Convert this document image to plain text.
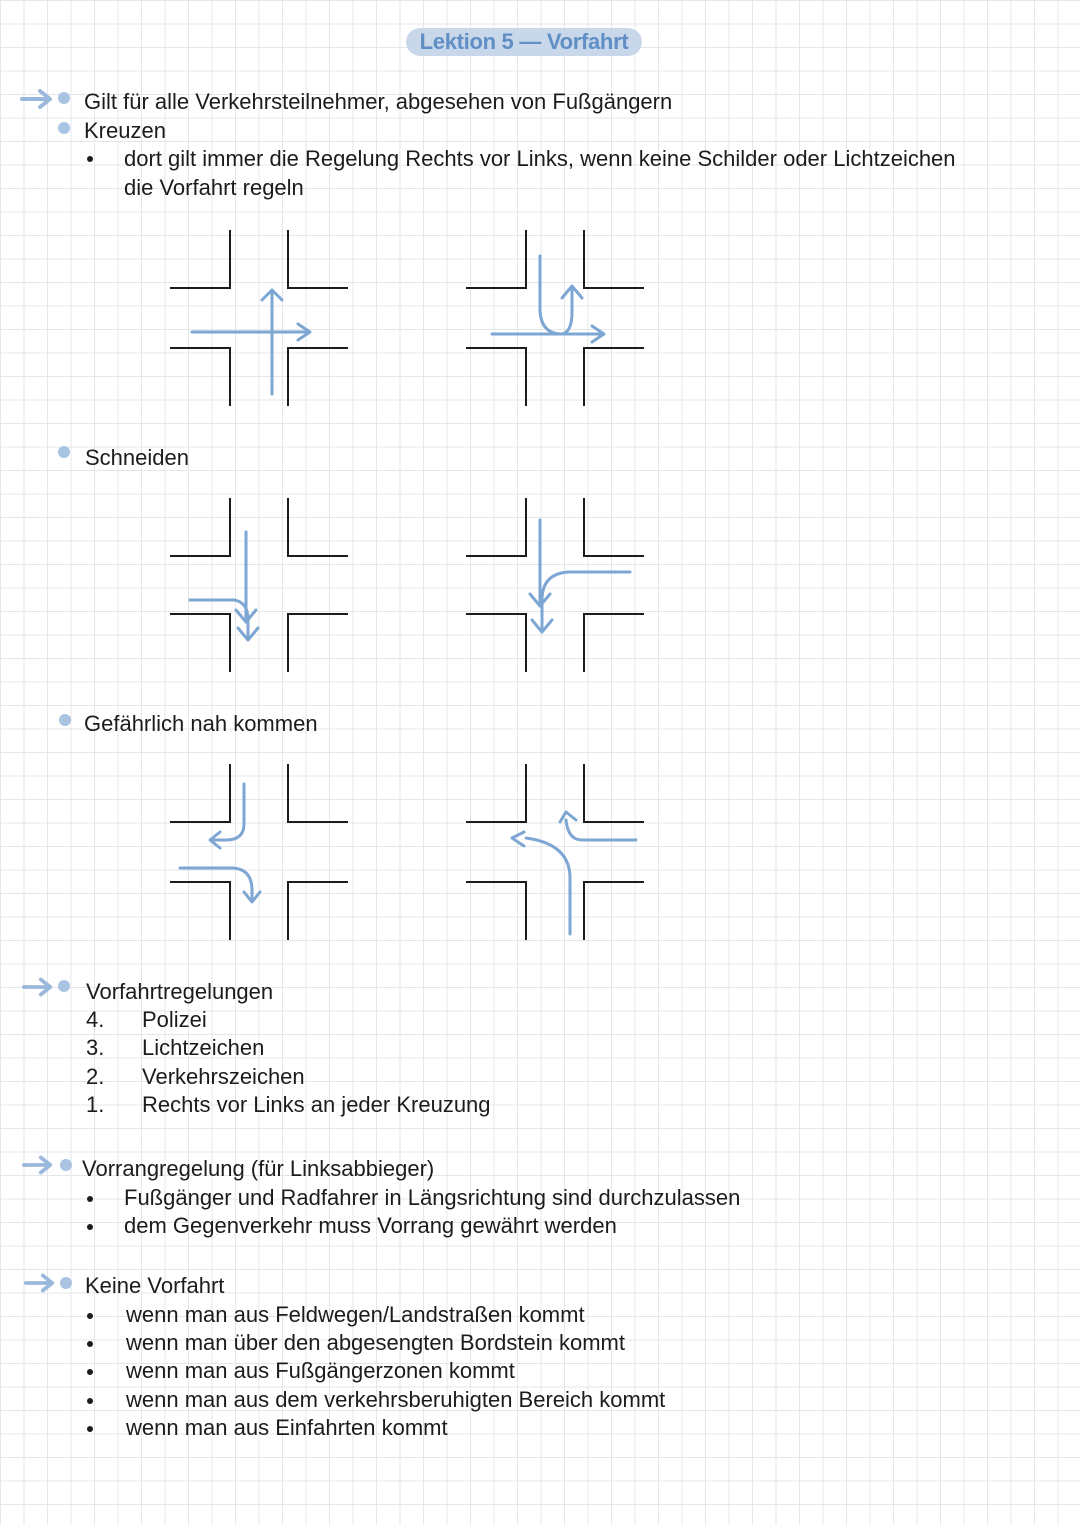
Lektion 5 — Vorfahrt
Gilt für alle Verkehrsteilnehmer, abgesehen von Fußgängern
Kreuzen
dort gilt immer die Regelung Rechts vor Links, wenn keine Schilder oder Lichtzeichen
die Vorfahrt regeln
Schneiden
Gefährlich nah kommen
Vorfahrtregelungen
4. Polizei
3. Lichtzeichen
2. Verkehrszeichen
1. Rechts vor Links an jeder Kreuzung
Vorrangregelung (für Linksabbieger)
Fußgänger und Radfahrer in Längsrichtung sind durchzulassen
dem Gegenverkehr muss Vorrang gewährt werden
Keine Vorfahrt
wenn man aus Feldwegen/Landstraßen kommt
wenn man über den abgesengten Bordstein kommt
wenn man aus Fußgängerzonen kommt
wenn man aus dem verkehrsberuhigten Bereich kommt
wenn man aus Einfahrten kommt
